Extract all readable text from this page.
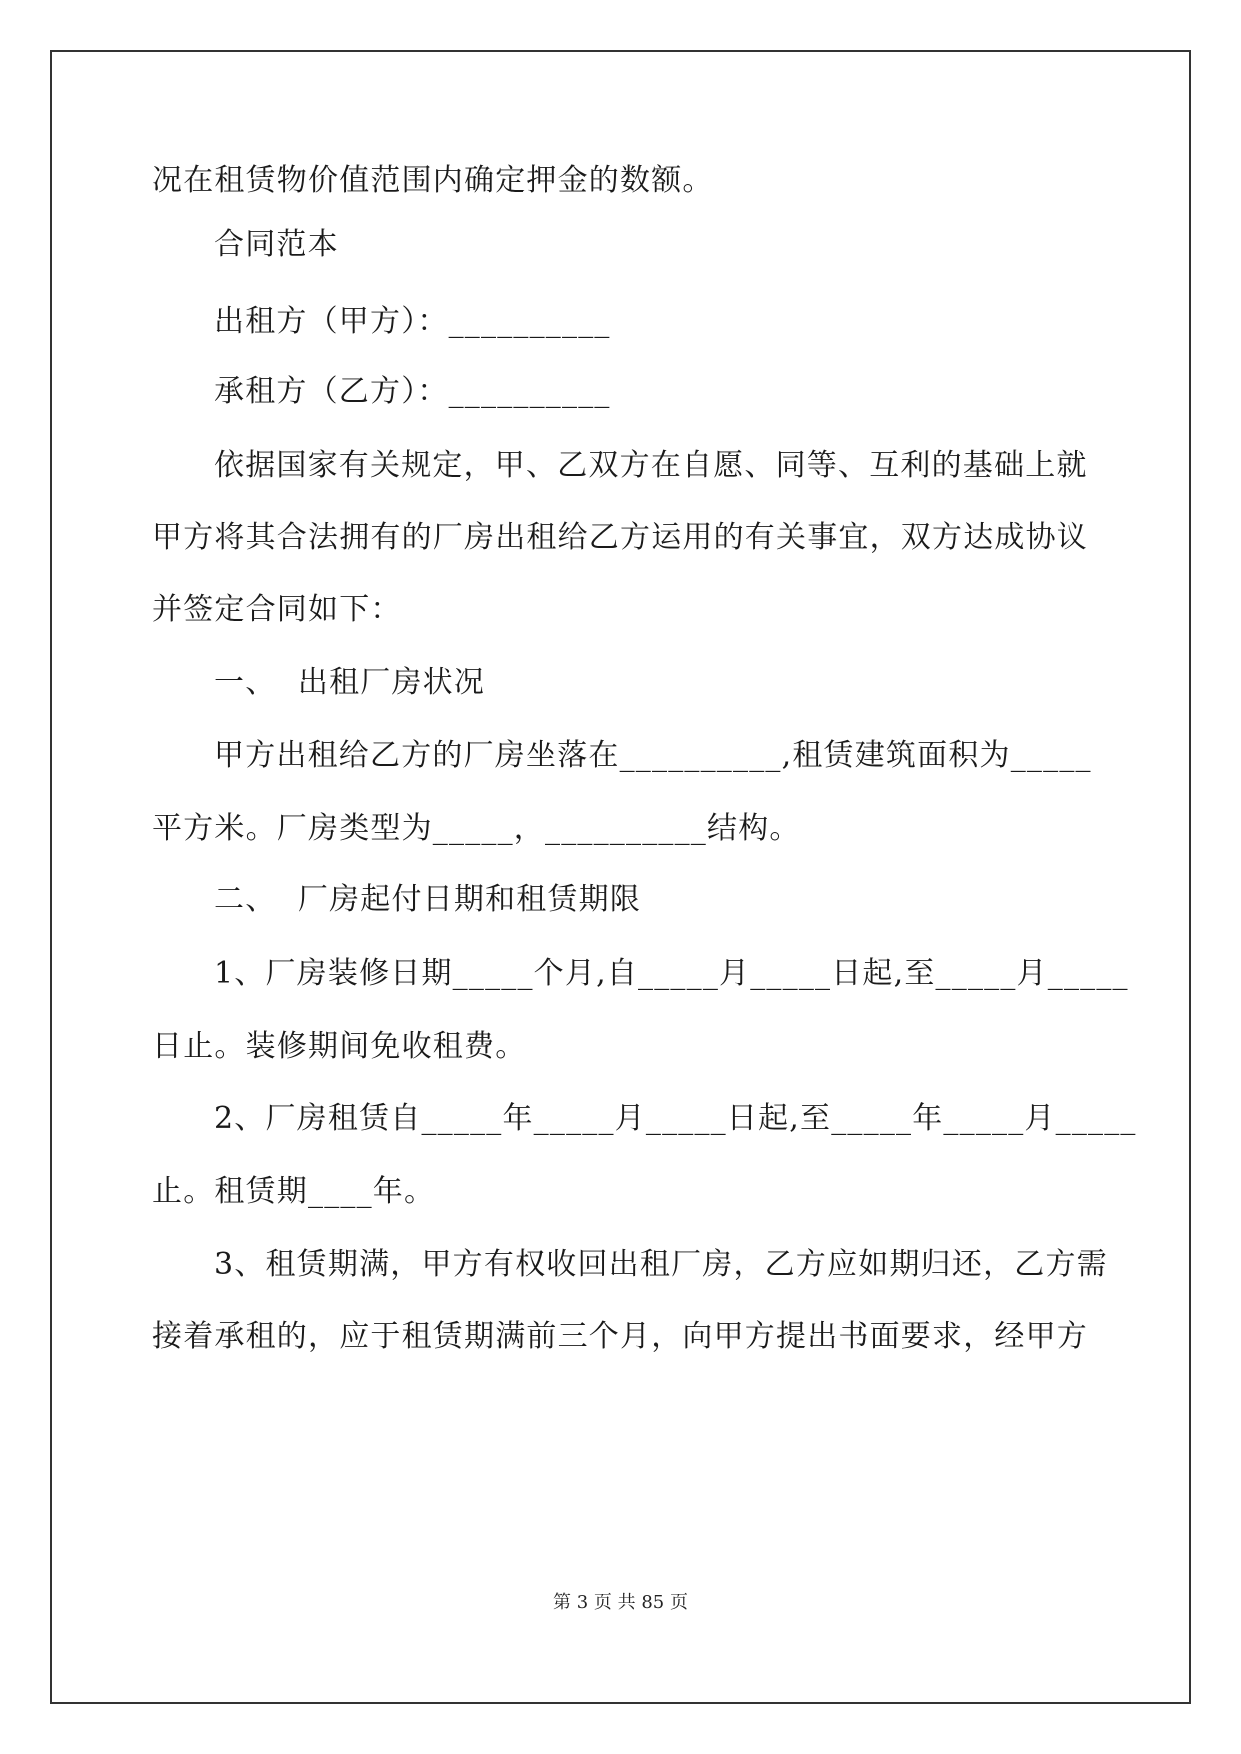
况在租赁物价值范围内确定押金的数额。
合同范本
出租方（甲方）：__________
承租方（乙方）：__________
依据国家有关规定，甲、乙双方在自愿、同等、互利的基础上就
甲方将其合法拥有的厂房出租给乙方运用的有关事宜，双方达成协议
并签定合同如下：
一、  出租厂房状况
甲方出租给乙方的厂房坐落在__________,租赁建筑面积为_____
平方米。厂房类型为_____，__________结构。
二、  厂房起付日期和租赁期限
1、厂房装修日期_____个月,自_____月_____日起,至_____月_____
日止。装修期间免收租费。
2、厂房租赁自_____年_____月_____日起,至_____年_____月_____
止。租赁期____年。
3、租赁期满，甲方有权收回出租厂房，乙方应如期归还，乙方需
接着承租的，应于租赁期满前三个月，向甲方提出书面要求，经甲方
第 3 页 共 85 页
